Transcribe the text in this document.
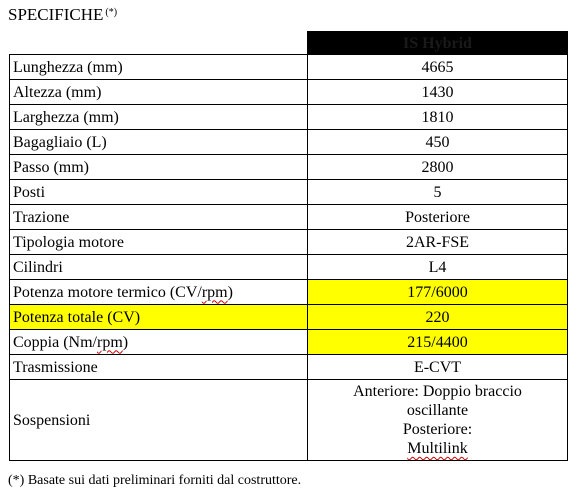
SPECIFICHE (*)
	IS Hybrid
Lunghezza (mm)	4665
Altezza (mm)	1430
Larghezza (mm)	1810
Bagagliaio (L)	450
Passo (mm)	2800
Posti	5
Trazione	Posteriore
Tipologia motore	2AR-FSE
Cilindri	L4
Potenza motore termico (CV/rpm)	177/6000
Potenza totale (CV)	220
Coppia (Nm/rpm)	215/4400
Trasmissione	E-CVT
Sospensioni	Anteriore: Doppio braccio
oscillante
Posteriore:
Multilink
(*) Basate sui dati preliminari forniti dal costruttore.
